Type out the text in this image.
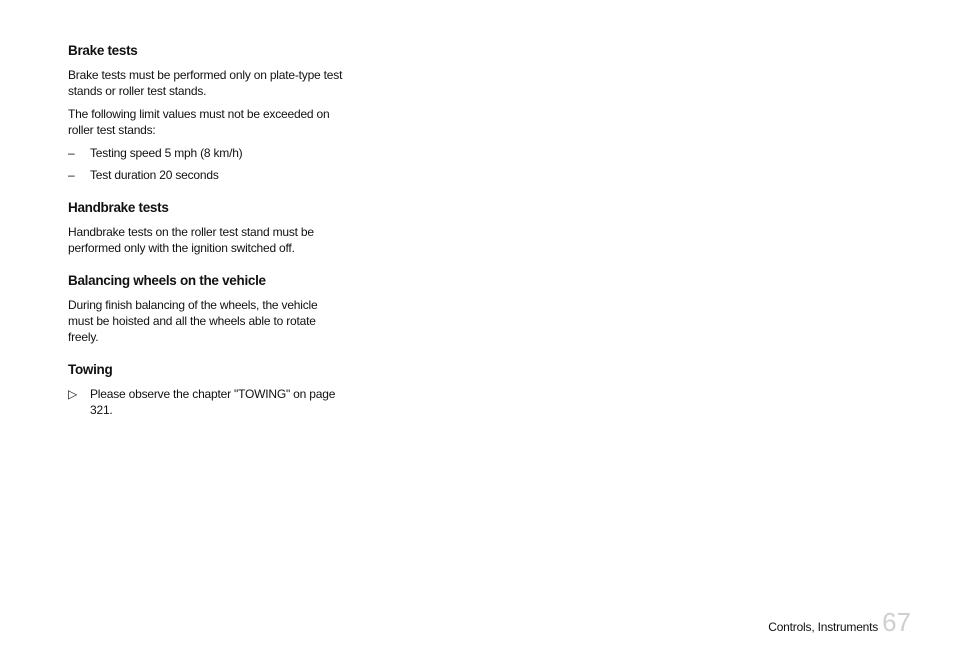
Brake tests

Brake tests must be performed only on plate-type test stands or roller test stands.

The following limit values must not be exceeded on roller test stands:

–	Testing speed 5 mph (8 km/h)
–	Test duration 20 seconds
Handbrake tests

Handbrake tests on the roller test stand must be performed only with the ignition switched off.

Balancing wheels on the vehicle

During finish balancing of the wheels, the vehicle must be hoisted and all the wheels able to rotate freely.

Towing
▷	Please observe the chapter "TOWING" on page 321.
Controls, Instruments 67
